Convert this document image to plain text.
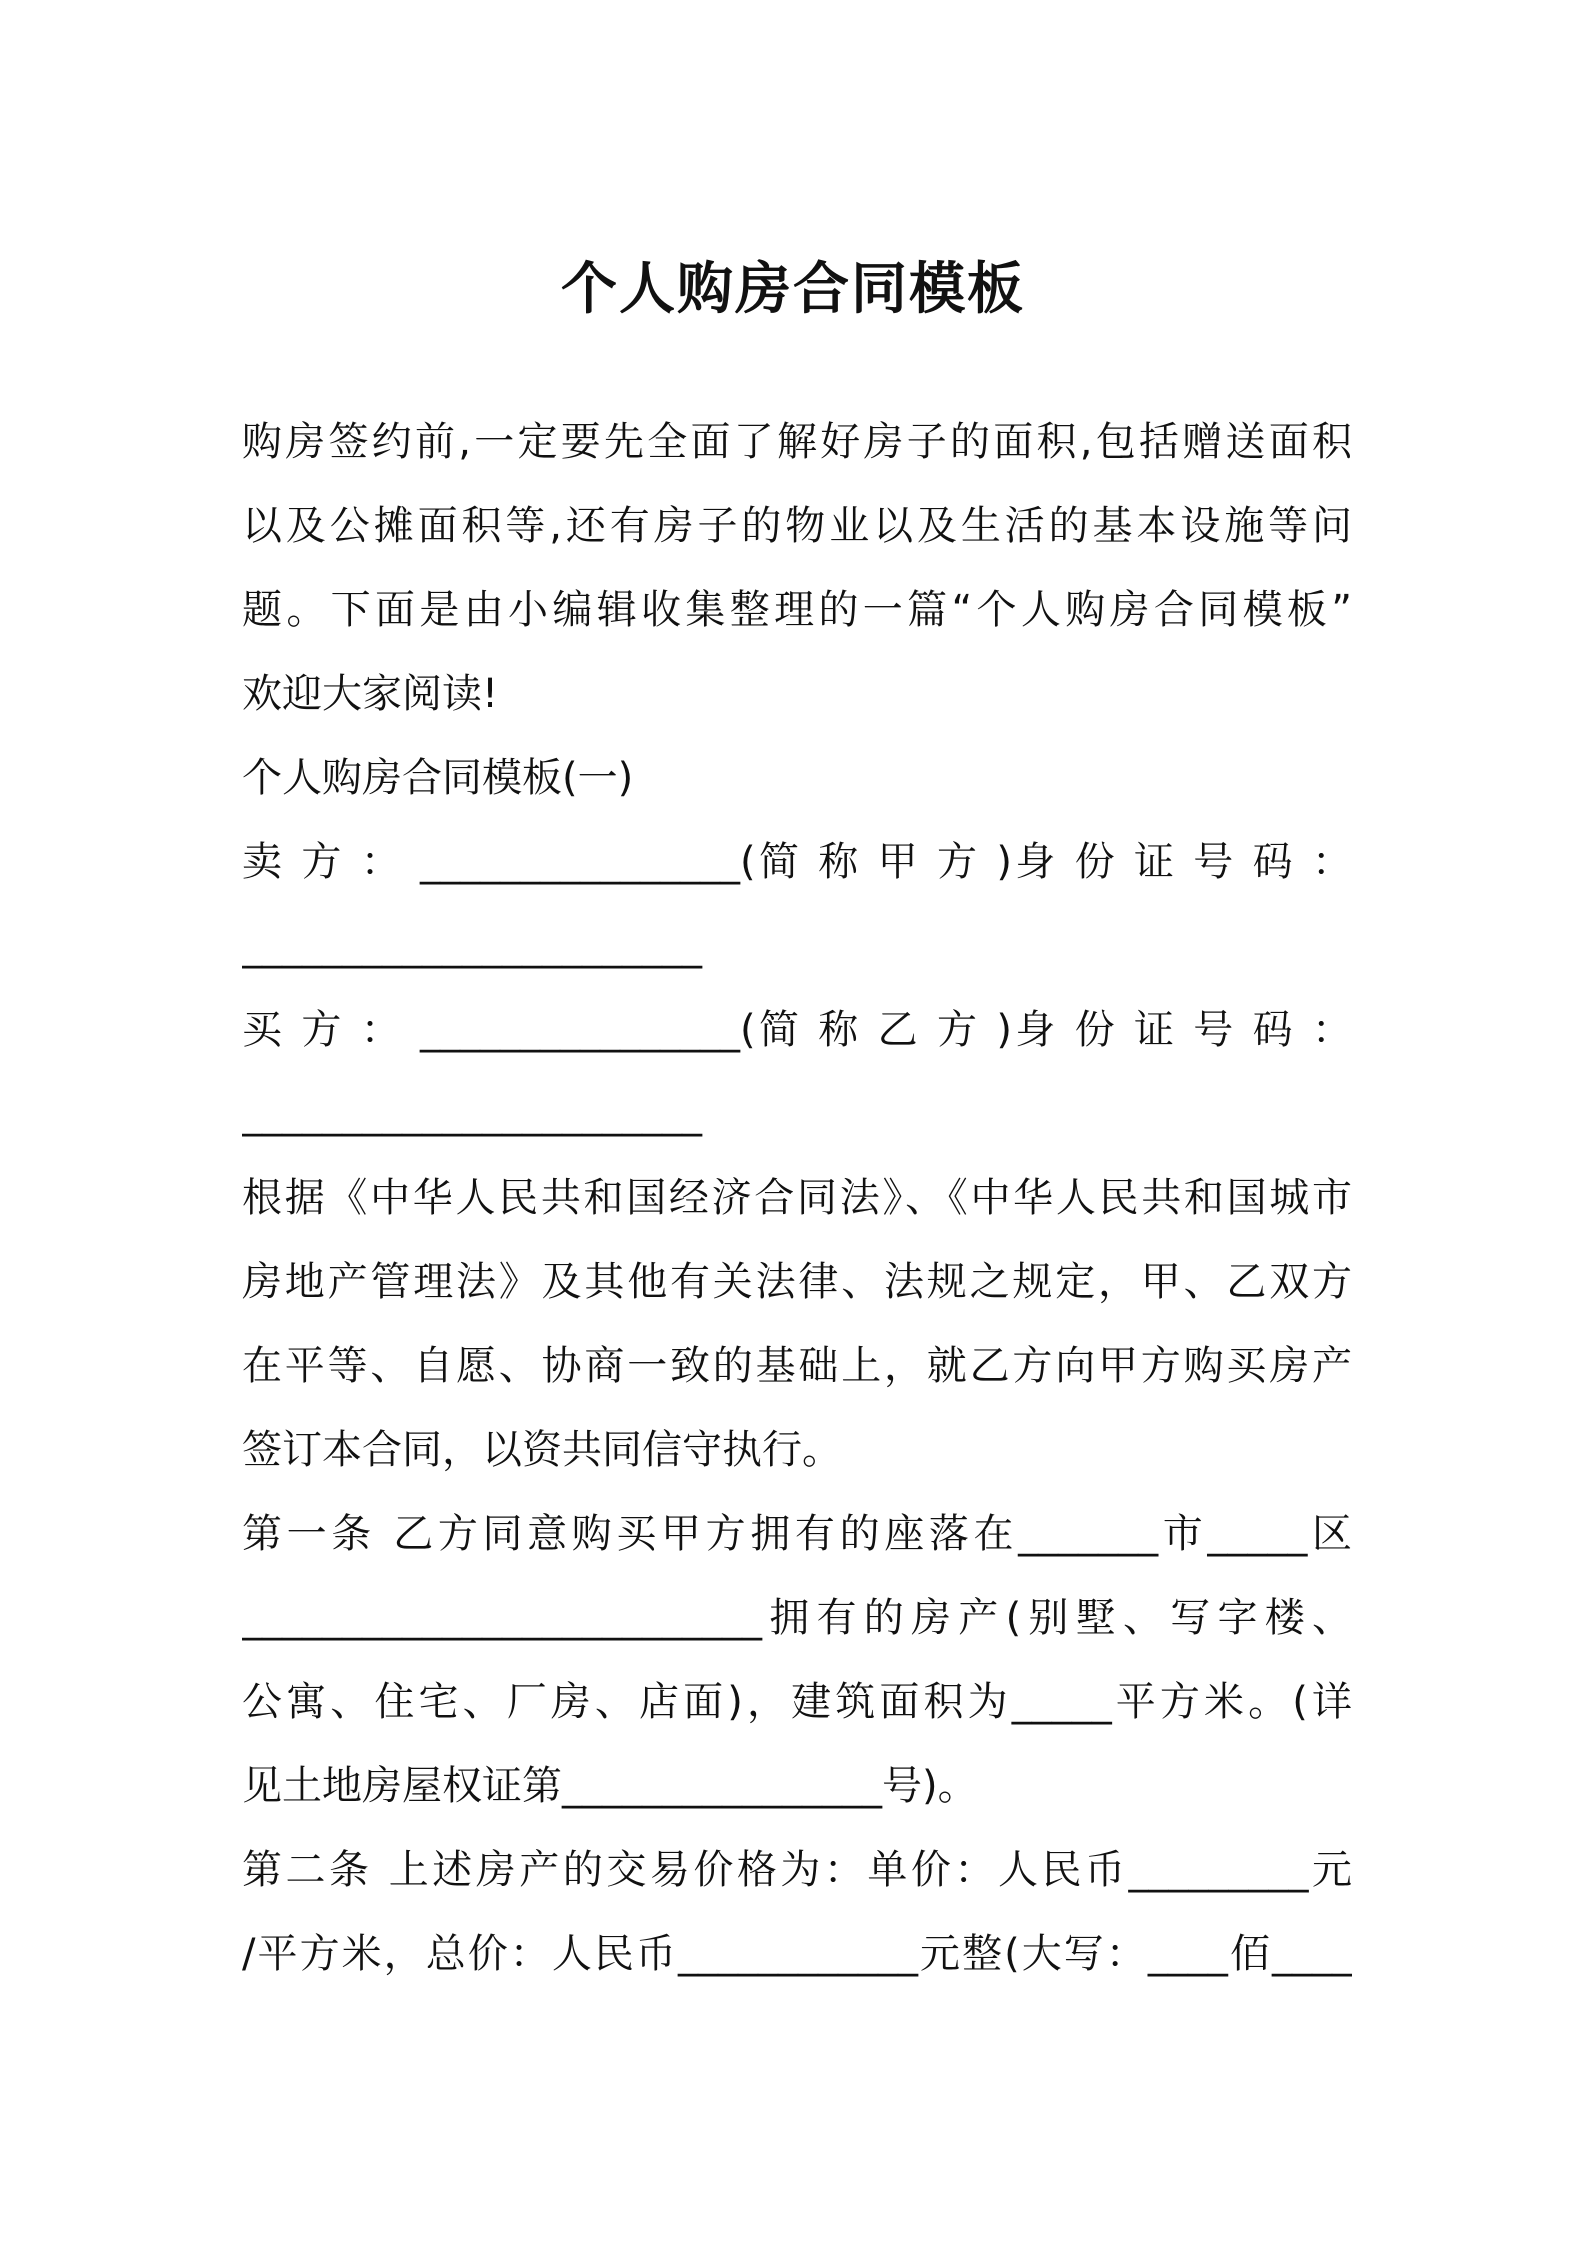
个人购房合同模板
购房签约前,一定要先全面了解好房子的面积,包括赠送面积
以及公摊面积等,还有房子的物业以及生活的基本设施等问
题。下面是由小编辑收集整理的一篇“个人购房合同模板”
欢迎大家阅读!
个人购房合同模板(一)
卖 方 ： ________________(简 称 甲 方 )身 份 证 号 码 ：
_______________________
买 方 ： ________________(简 称 乙 方 )身 份 证 号 码 ：
_______________________
根据《中华人民共和国经济合同法》、《中华人民共和国城市
房地产管理法》及其他有关法律、法规之规定，甲、乙双方
在平等、自愿、协商一致的基础上，就乙方向甲方购买房产
签订本合同，以资共同信守执行。
第一条 乙方同意购买甲方拥有的座落在_______市_____区
__________________________拥有的房产(别墅、写字楼、
公寓、住宅、厂房、店面)，建筑面积为_____平方米。(详
见土地房屋权证第________________号)。
第二条 上述房产的交易价格为：单价：人民币_________元
/平方米，总价：人民币____________元整(大写：____佰____
